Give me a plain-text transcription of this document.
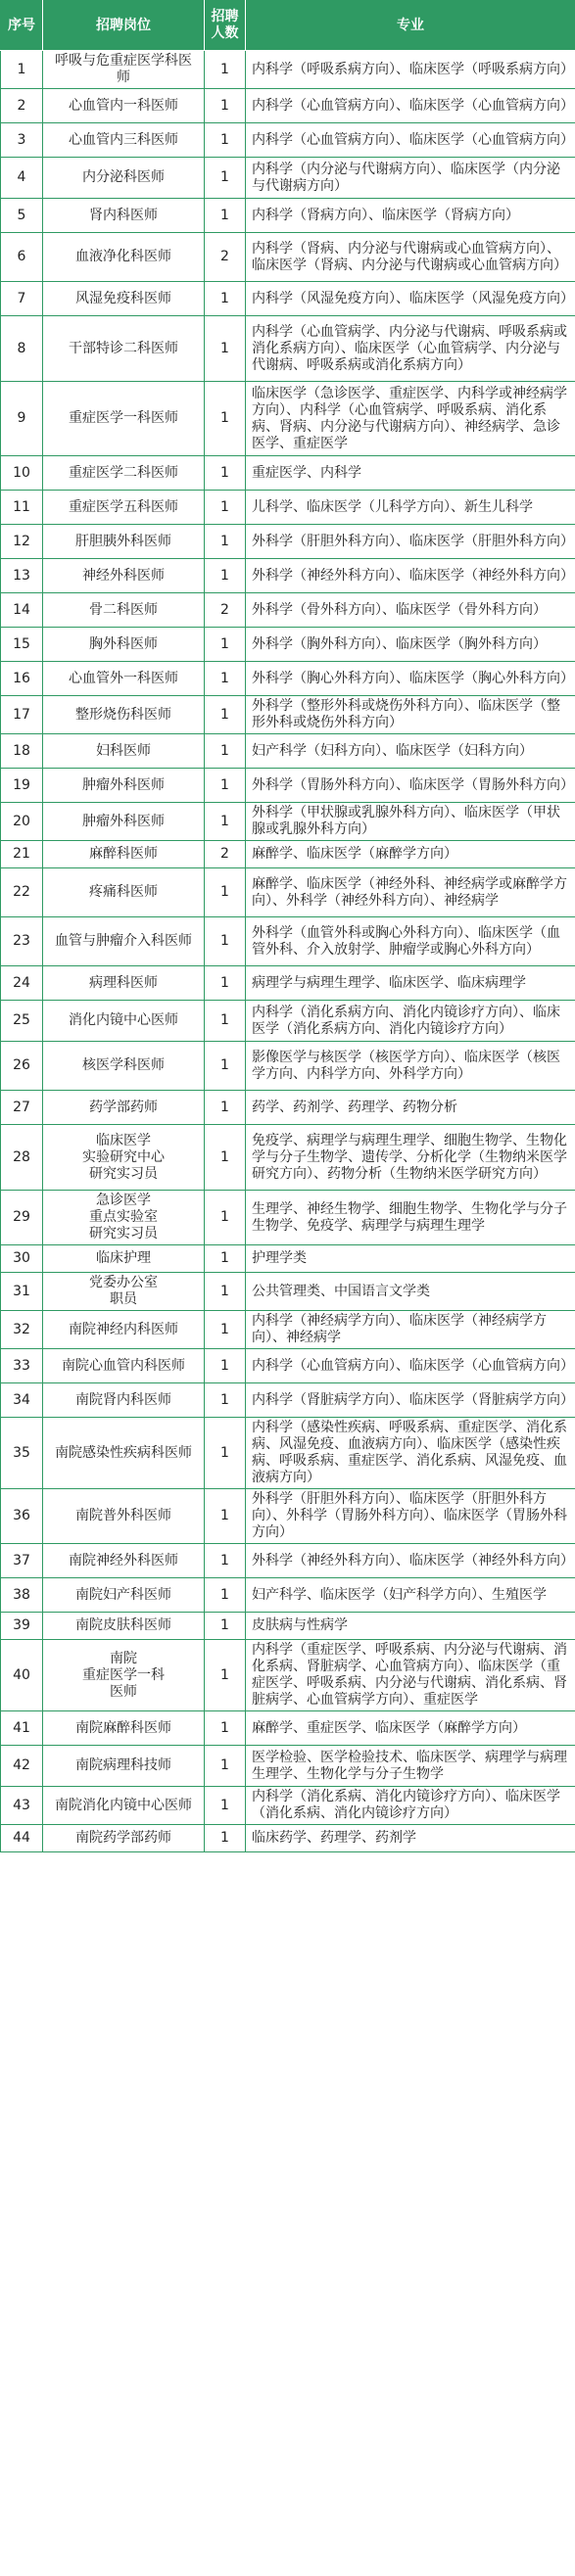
序号	招聘岗位	招聘人数	专业
1	呼吸与危重症医学科医师	1	内科学（呼吸系病方向）、临床医学（呼吸系病方向）
2	心血管内一科医师	1	内科学（心血管病方向）、临床医学（心血管病方向）
3	心血管内三科医师	1	内科学（心血管病方向）、临床医学（心血管病方向）
4	内分泌科医师	1	内科学（内分泌与代谢病方向）、临床医学（内分泌与代谢病方向）
5	肾内科医师	1	内科学（肾病方向）、临床医学（肾病方向）
6	血液净化科医师	2	内科学（肾病、内分泌与代谢病或心血管病方向）、临床医学（肾病、内分泌与代谢病或心血管病方向）
7	风湿免疫科医师	1	内科学（风湿免疫方向）、临床医学（风湿免疫方向）
8	干部特诊二科医师	1	内科学（心血管病学、内分泌与代谢病、呼吸系病或消化系病方向）、临床医学（心血管病学、内分泌与代谢病、呼吸系病或消化系病方向）
9	重症医学一科医师	1	临床医学（急诊医学、重症医学、内科学或神经病学方向）、内科学（心血管病学、呼吸系病、消化系病、肾病、内分泌与代谢病方向）、神经病学、急诊医学、重症医学
10	重症医学二科医师	1	重症医学、内科学
11	重症医学五科医师	1	儿科学、临床医学（儿科学方向）、新生儿科学
12	肝胆胰外科医师	1	外科学（肝胆外科方向）、临床医学（肝胆外科方向）
13	神经外科医师	1	外科学（神经外科方向）、临床医学（神经外科方向）
14	骨二科医师	2	外科学（骨外科方向）、临床医学（骨外科方向）
15	胸外科医师	1	外科学（胸外科方向）、临床医学（胸外科方向）
16	心血管外一科医师	1	外科学（胸心外科方向）、临床医学（胸心外科方向）
17	整形烧伤科医师	1	外科学（整形外科或烧伤外科方向）、临床医学（整形外科或烧伤外科方向）
18	妇科医师	1	妇产科学（妇科方向）、临床医学（妇科方向）
19	肿瘤外科医师	1	外科学（胃肠外科方向）、临床医学（胃肠外科方向）
20	肿瘤外科医师	1	外科学（甲状腺或乳腺外科方向）、临床医学（甲状腺或乳腺外科方向）
21	麻醉科医师	2	麻醉学、临床医学（麻醉学方向）
22	疼痛科医师	1	麻醉学、临床医学（神经外科、神经病学或麻醉学方向）、外科学（神经外科方向）、神经病学
23	血管与肿瘤介入科医师	1	外科学（血管外科或胸心外科方向）、临床医学（血管外科、介入放射学、肿瘤学或胸心外科方向）
24	病理科医师	1	病理学与病理生理学、临床医学、临床病理学
25	消化内镜中心医师	1	内科学（消化系病方向、消化内镜诊疗方向）、临床医学（消化系病方向、消化内镜诊疗方向）
26	核医学科医师	1	影像医学与核医学（核医学方向）、临床医学（核医学方向、内科学方向、外科学方向）
27	药学部药师	1	药学、药剂学、药理学、药物分析
28	临床医学
实验研究中心
研究实习员	1	免疫学、病理学与病理生理学、细胞生物学、生物化学与分子生物学、遗传学、分析化学（生物纳米医学研究方向）、药物分析（生物纳米医学研究方向）
29	急诊医学
重点实验室
研究实习员	1	生理学、神经生物学、细胞生物学、生物化学与分子生物学、免疫学、病理学与病理生理学
30	临床护理	1	护理学类
31	党委办公室
职员	1	公共管理类、中国语言文学类
32	南院神经内科医师	1	内科学（神经病学方向）、临床医学（神经病学方向）、神经病学
33	南院心血管内科医师	1	内科学（心血管病方向）、临床医学（心血管病方向）
34	南院肾内科医师	1	内科学（肾脏病学方向）、临床医学（肾脏病学方向）
35	南院感染性疾病科医师	1	内科学（感染性疾病、呼吸系病、重症医学、消化系病、风湿免疫、血液病方向）、临床医学（感染性疾病、呼吸系病、重症医学、消化系病、风湿免疫、血液病方向）
36	南院普外科医师	1	外科学（肝胆外科方向）、临床医学（肝胆外科方向）、外科学（胃肠外科方向）、临床医学（胃肠外科方向）
37	南院神经外科医师	1	外科学（神经外科方向）、临床医学（神经外科方向）
38	南院妇产科医师	1	妇产科学、临床医学（妇产科学方向）、生殖医学
39	南院皮肤科医师	1	皮肤病与性病学
40	南院
重症医学一科
医师	1	内科学（重症医学、呼吸系病、内分泌与代谢病、消化系病、肾脏病学、心血管病方向）、临床医学（重症医学、呼吸系病、内分泌与代谢病、消化系病、肾脏病学、心血管病学方向）、重症医学
41	南院麻醉科医师	1	麻醉学、重症医学、临床医学（麻醉学方向）
42	南院病理科技师	1	医学检验、医学检验技术、临床医学、病理学与病理生理学、生物化学与分子生物学
43	南院消化内镜中心医师	1	内科学（消化系病、消化内镜诊疗方向）、临床医学（消化系病、消化内镜诊疗方向）
44	南院药学部药师	1	临床药学、药理学、药剂学
